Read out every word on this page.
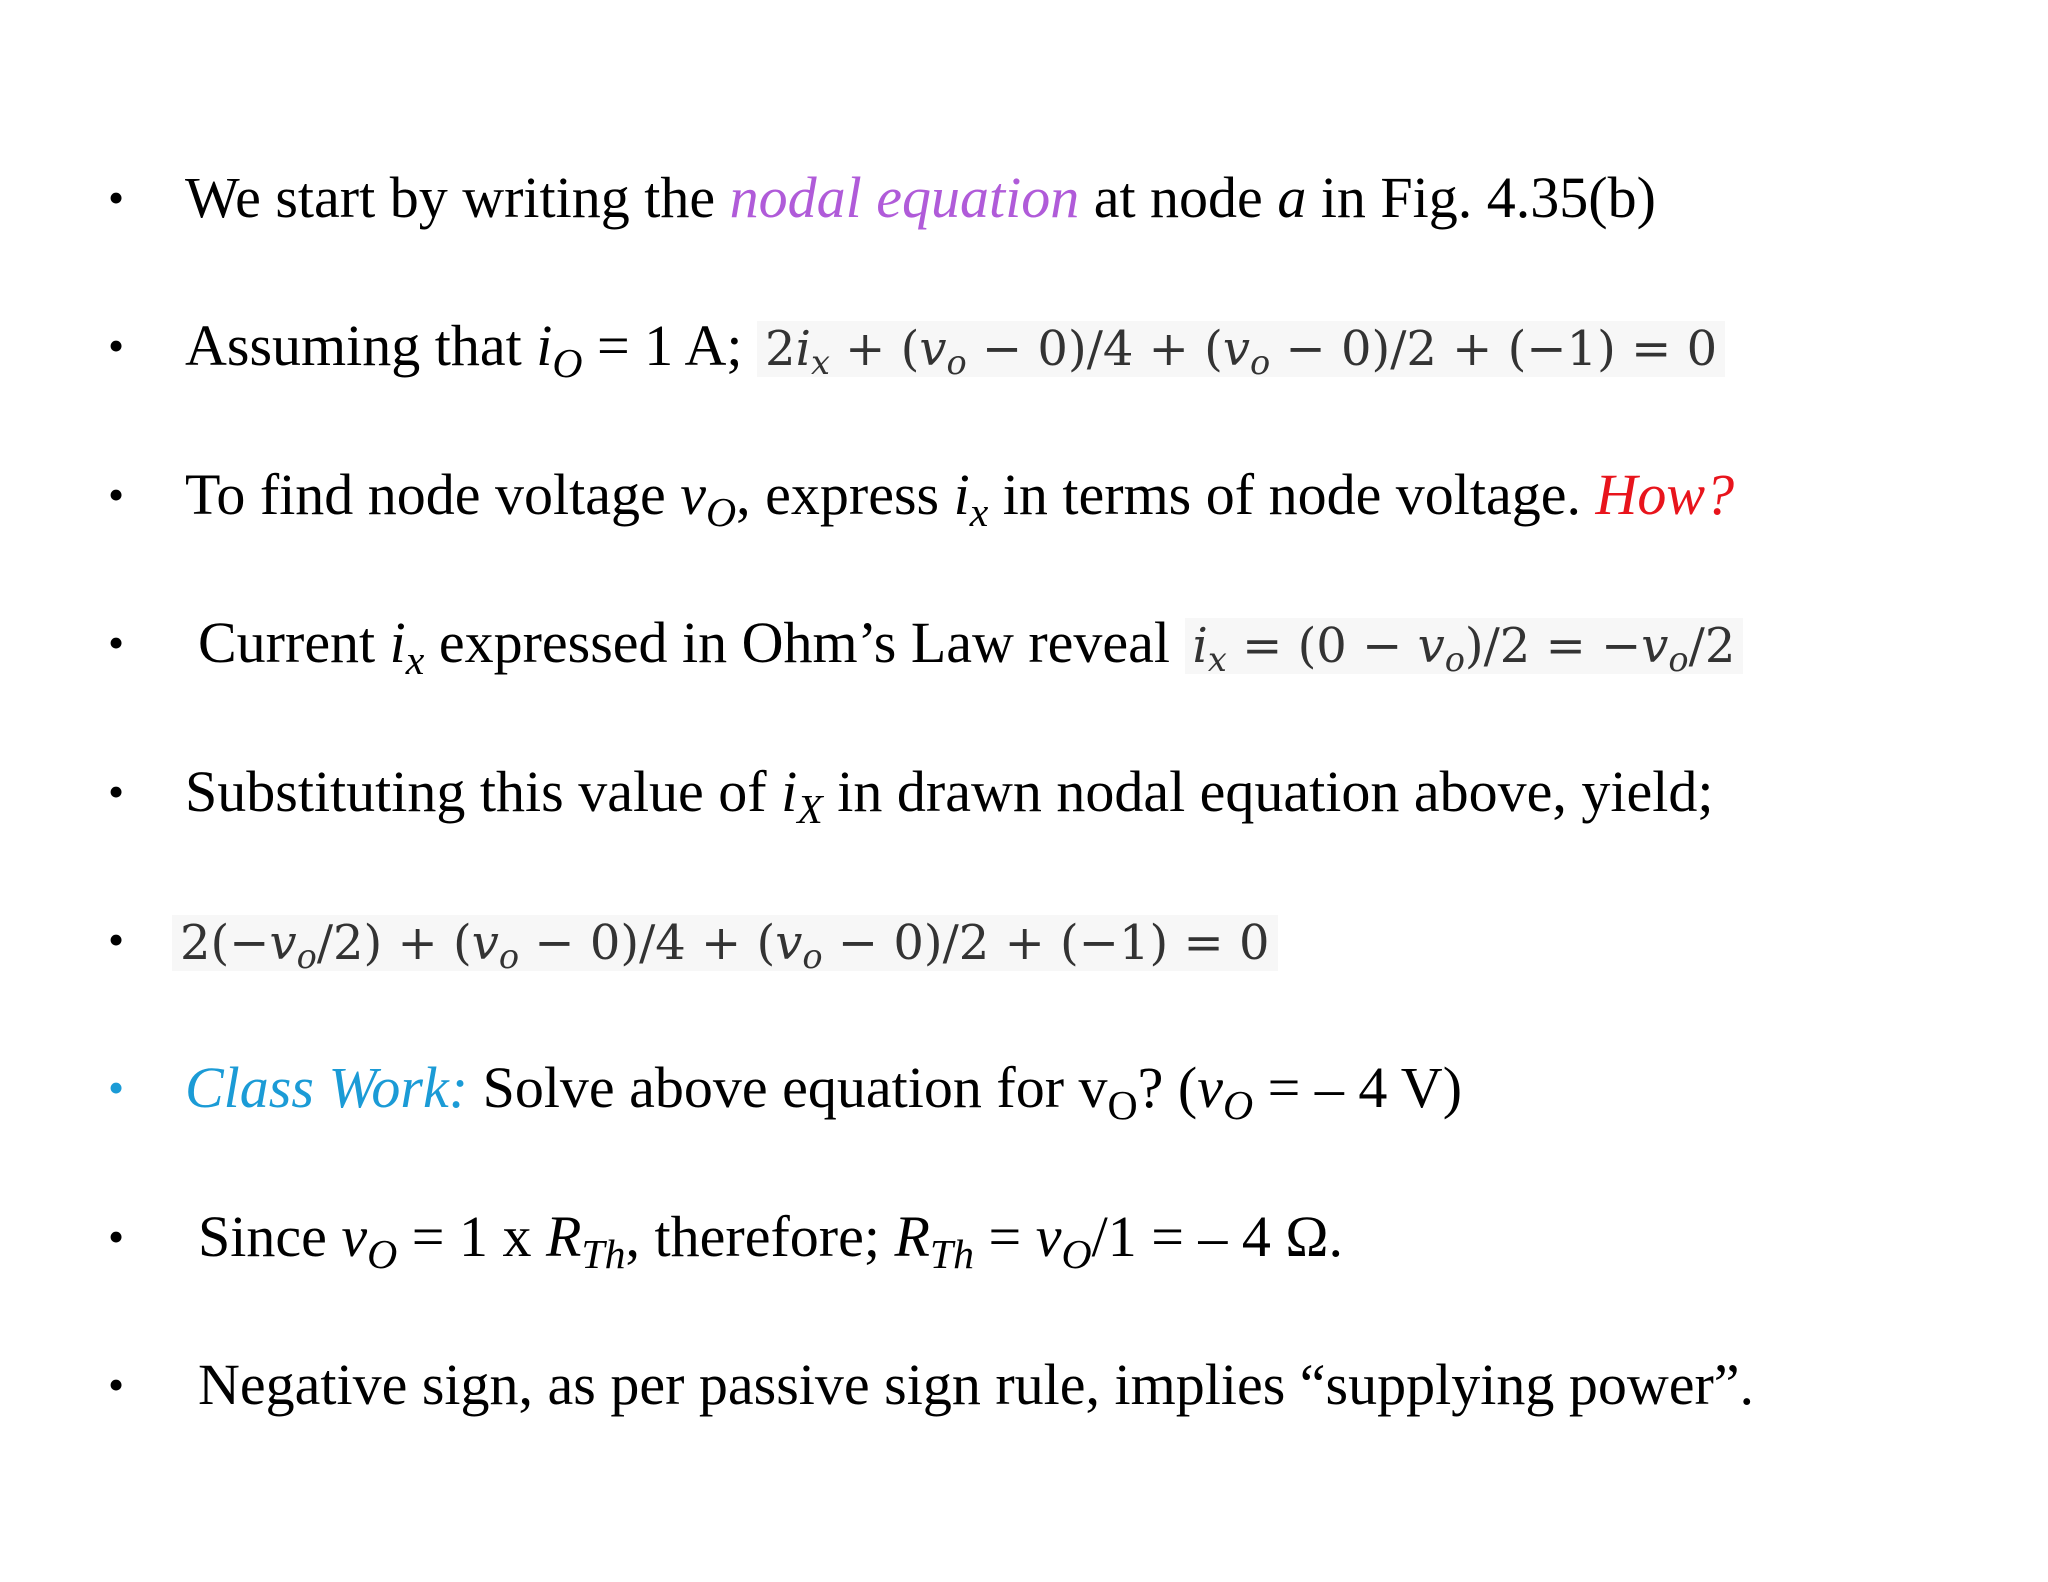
• We start by writing the nodal equation at node a in Fig. 4.35(b)
• Assuming that $i_O = 1$ A; 2ix + (vo − 0)/4 + (vo − 0)/2 + (−1) = 0
• To find node voltage $v_O$, express $i_x$ in terms of node voltage. How?
• Current $i_x$ expressed in Ohm’s Law reveal ix = (0 − vo)/2 = −vo/2
• Substituting this value of $i_X$ in drawn nodal equation above, yield;
• 2(−vo/2) + (vo − 0)/4 + (vo − 0)/2 + (−1) = 0
• Class Work: Solve above equation for $v_O$? ($v_O$ = – 4 V)
• Since $v_O = 1$ x $R_{Th}$, therefore; $R_{Th} = v_O/1$ = – 4 Ω.
• Negative sign, as per passive sign rule, implies “supplying power”.
